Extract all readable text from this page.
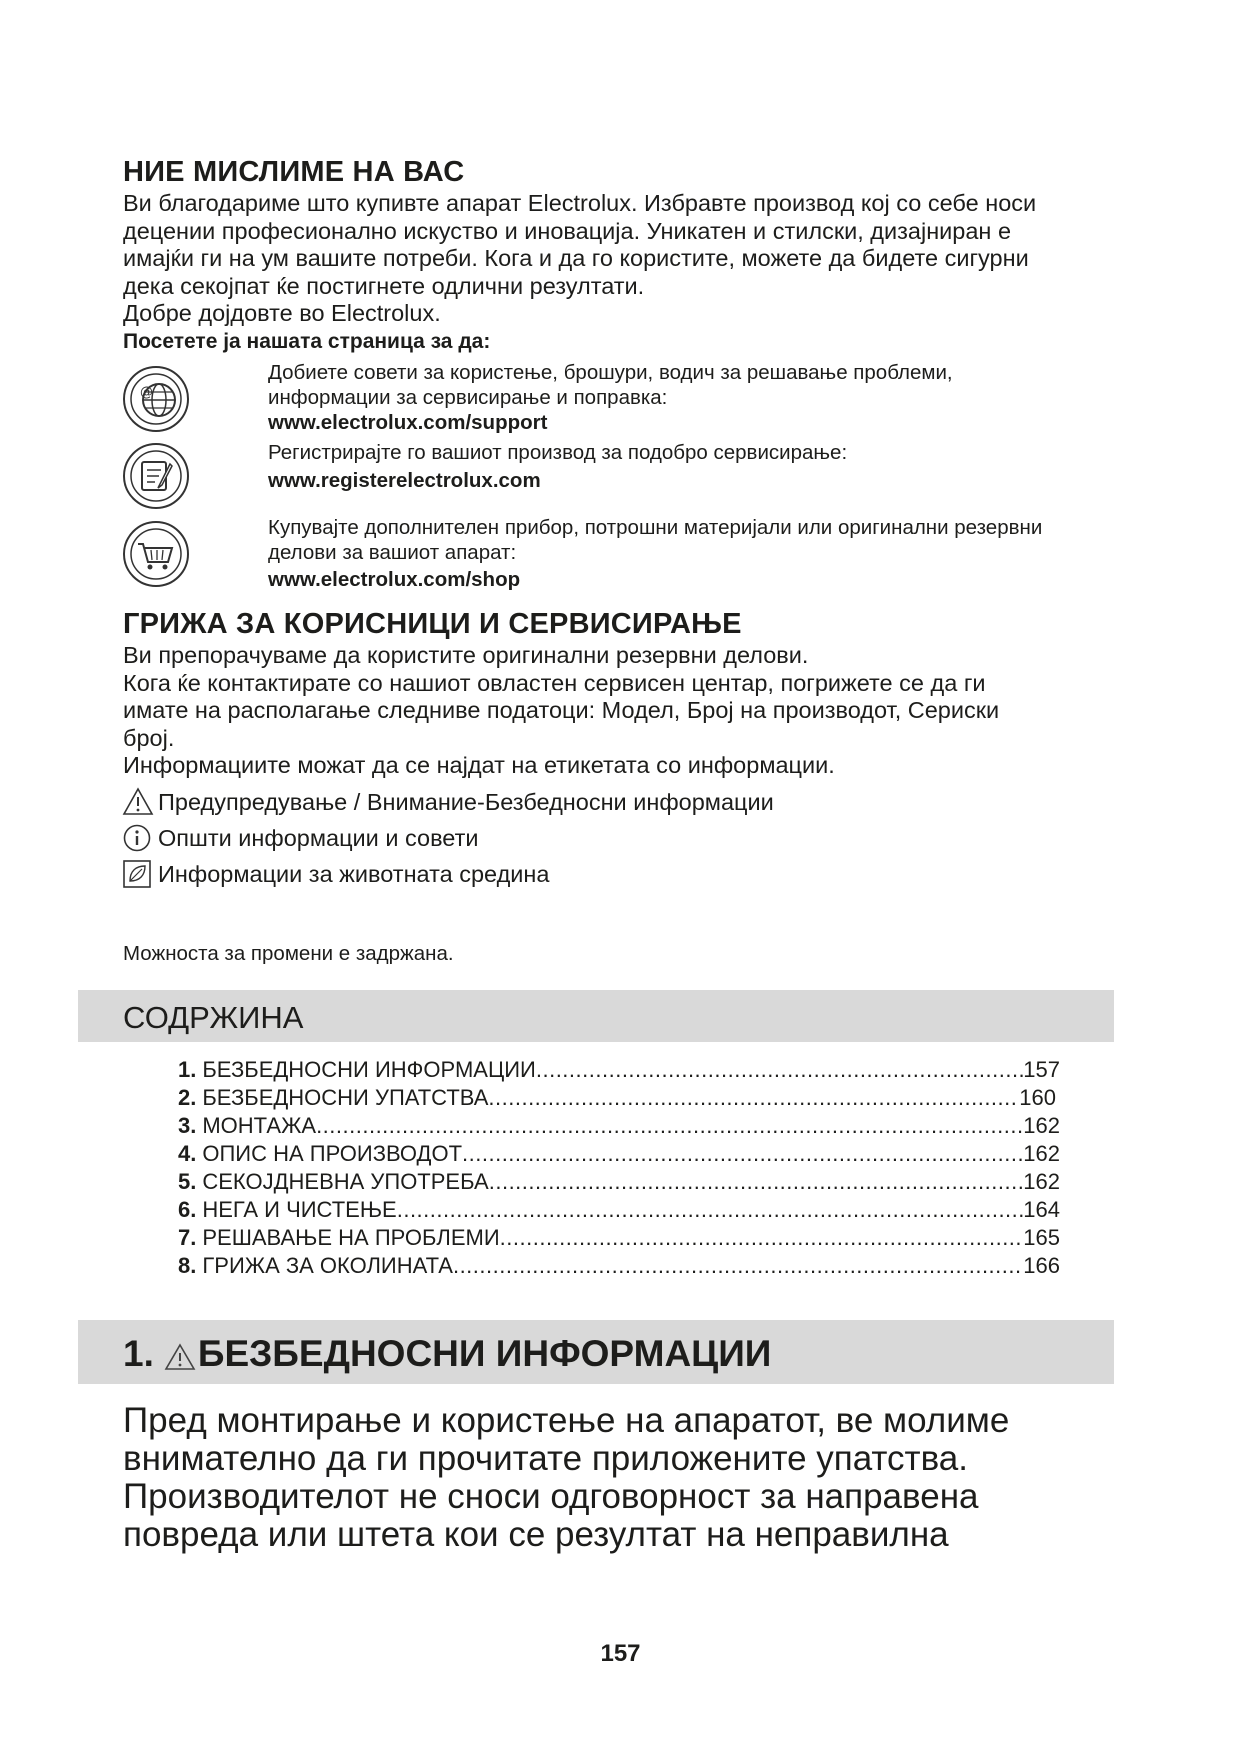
НИЕ МИСЛИМЕ НА ВАС

Ви благодариме што купивте апарат Electrolux. Избравте производ кој со себе носи

децении професионално искуство и иновација. Уникатен и стилски, дизајниран е

имајќи ги на ум вашите потреби. Кога и да го користите, можете да бидете сигурни

дека секојпат ќе постигнете одлични резултати.

Добре дојдовте во Electrolux.

Посетете ја нашата страница за да:
@
Добиете совети за користење, брошури, водич за решавање проблеми,
информации за сервисирање и поправка:
www.electrolux.com/support
Регистрирајте го вашиот производ за подобро сервисирање:
www.registerelectrolux.com
Купувајте дополнителен прибор, потрошни материјали или оригинални резервни
делови за вашиот апарат:
www.electrolux.com/shop
ГРИЖА ЗА КОРИСНИЦИ И СЕРВИСИРАЊЕ

Ви препорачуваме да користите оригинални резервни делови.

Кога ќе контактирате со нашиот овластен сервисен центар, погрижете се да ги

имате на располагање следниве податоци: Модел, Број на производот, Сериски

број.

Информациите можат да се најдат на етикетата со информации.

Предупредување / Внимание-Безбедносни информации
Општи информации и совети
Информации за животната средина
Можноста за промени е задржана.
СОДРЖИНА
1. БЕЗБЕДНОСНИ ИНФОРМАЦИИ .....	157
2. БЕЗБЕДНОСНИ УПАТСТВА .....	160
3. МОНТАЖА .....	162
4. ОПИС НА ПРОИЗВОДОТ .....	162
5. СЕКОЈДНЕВНА УПОТРЕБА .....	162
6. НЕГА И ЧИСТЕЊЕ .....	164
7. РЕШАВАЊЕ НА ПРОБЛЕМИ .....	165
8. ГРИЖА ЗА ОКОЛИНАТА .....	166
1. БЕЗБЕДНОСНИ ИНФОРМАЦИИ
Пред монтирање и користење на апаратот, ве молиме
внимателно да ги прочитате приложените упатства.
Производителот не сноси одговорност за направена
повреда или штета кои се резултат на неправилна
157
